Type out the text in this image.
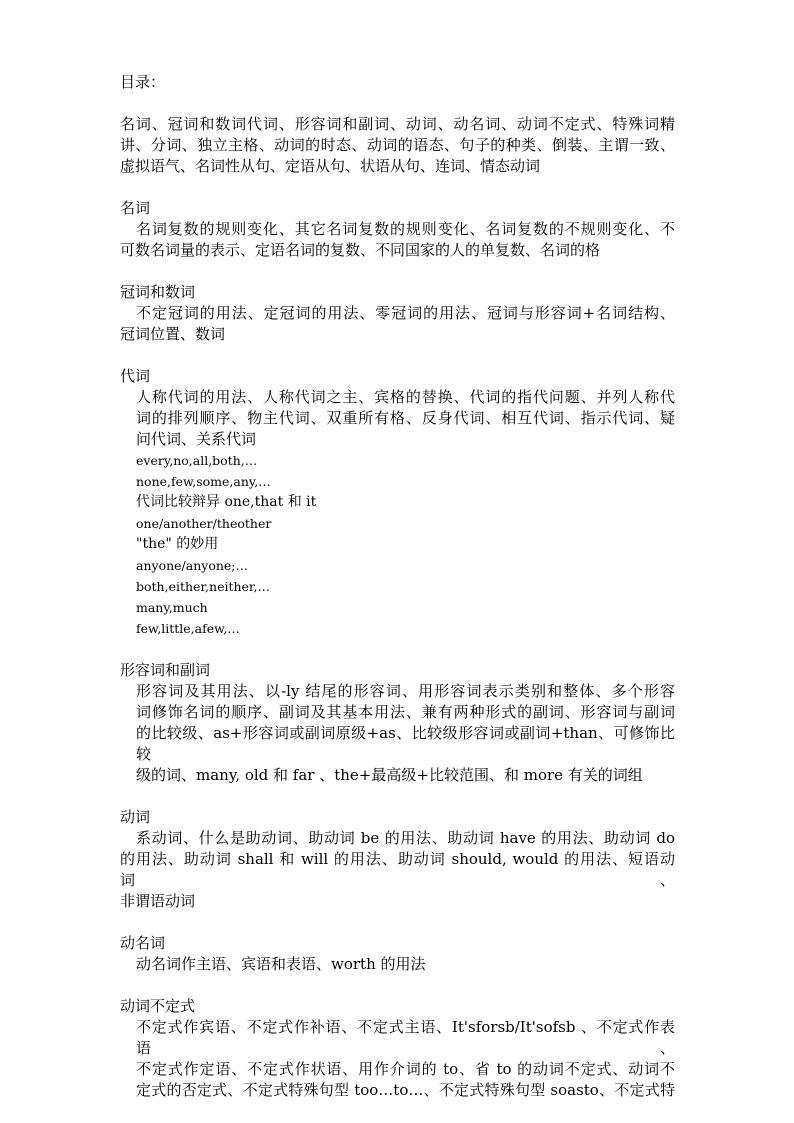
目录：
名词、冠词和数词代词、形容词和副词、动词、动名词、动词不定式、特殊词精
讲、分词、独立主格、动词的时态、动词的语态、句子的种类、倒装、主谓一致、
虚拟语气、名词性从句、定语从句、状语从句、连词、情态动词
名词
名词复数的规则变化、其它名词复数的规则变化、名词复数的不规则变化、不
可数名词量的表示、定语名词的复数、不同国家的人的单复数、名词的格
冠词和数词
不定冠词的用法、定冠词的用法、零冠词的用法、冠词与形容词+名词结构、
冠词位置、数词
代词
人称代词的用法、人称代词之主、宾格的替换、代词的指代问题、并列人称代
词的排列顺序、物主代词、双重所有格、反身代词、相互代词、指示代词、疑
问代词、关系代词
every,no,all,both,…
none,few,some,any,…
代词比较辩异 one,that 和 it
one/another/theother
"the" 的妙用
anyone/anyone;…
both,either,neither,…
many,much
few,little,afew,…
形容词和副词
形容词及其用法、以-ly 结尾的形容词、用形容词表示类别和整体、多个形容
词修饰名词的顺序、副词及其基本用法、兼有两种形式的副词、形容词与副词
的比较级、as+形容词或副词原级+as、比较级形容词或副词+than、可修饰比较
级的词、many, old 和 far 、the+最高级+比较范围、和 more 有关的词组
动词
系动词、什么是助动词、助动词 be 的用法、助动词 have 的用法、助动词 do
的用法、助动词 shall 和 will 的用法、助动词 should, would 的用法、短语动词、
非谓语动词
动名词
动名词作主语、宾语和表语、worth 的用法
动词不定式
不定式作宾语、不定式作补语、不定式主语、It'sforsb/It'sofsb 、不定式作表语、
不定式作定语、不定式作状语、用作介词的 to、省 to 的动词不定式、动词不
定式的否定式、不定式特殊句型 too…to…、不定式特殊句型 soasto、不定式特
